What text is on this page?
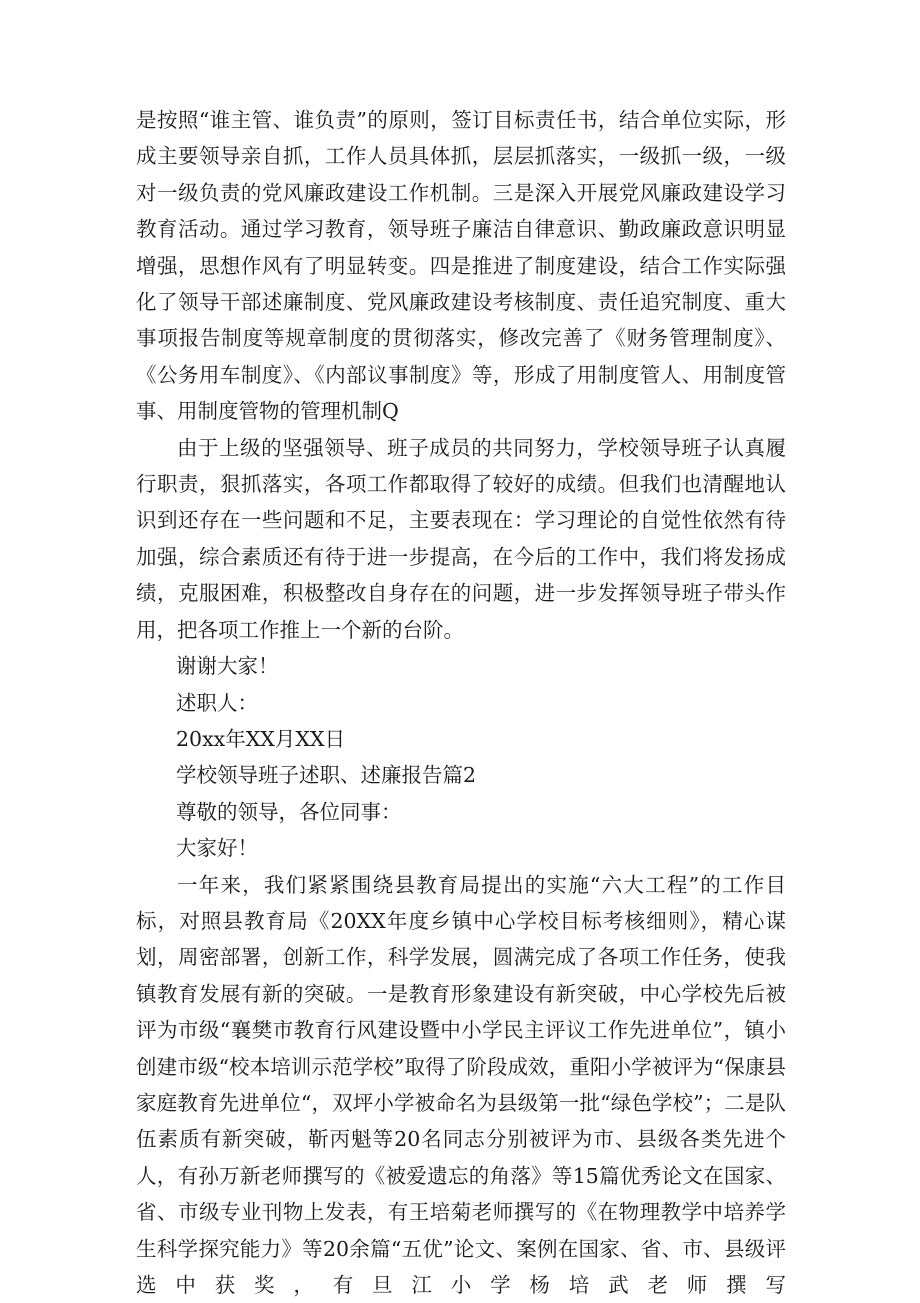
是按照“谁主管、谁负责”的原则，签订目标责任书，结合单位实际，形成主要领导亲自抓，工作人员具体抓，层层抓落实，一级抓一级，一级对一级负责的党风廉政建设工作机制。三是深入开展党风廉政建设学习教育活动。通过学习教育，领导班子廉洁自律意识、勤政廉政意识明显增强，思想作风有了明显转变。四是推进了制度建设，结合工作实际强化了领导干部述廉制度、党风廉政建设考核制度、责任追究制度、重大事项报告制度等规章制度的贯彻落实，修改完善了《财务管理制度》、《公务用车制度》、《内部议事制度》等，形成了用制度管人、用制度管事、用制度管物的管理机制Q

由于上级的坚强领导、班子成员的共同努力，学校领导班子认真履行职责，狠抓落实，各项工作都取得了较好的成绩。但我们也清醒地认识到还存在一些问题和不足，主要表现在：学习理论的自觉性依然有待加强，综合素质还有待于进一步提高，在今后的工作中，我们将发扬成绩，克服困难，积极整改自身存在的问题，进一步发挥领导班子带头作用，把各项工作推上一个新的台阶。

谢谢大家！

述职人：

20xx年XX月XX日

学校领导班子述职、述廉报告篇2

尊敬的领导，各位同事：

大家好！

一年来，我们紧紧围绕县教育局提出的实施“六大工程”的工作目标，对照县教育局《20XX年度乡镇中心学校目标考核细则》，精心谋划，周密部署，创新工作，科学发展，圆满完成了各项工作任务，使我镇教育发展有新的突破。一是教育形象建设有新突破，中心学校先后被评为市级“襄樊市教育行风建设暨中小学民主评议工作先进单位”，镇小创建市级“校本培训示范学校”取得了阶段成效，重阳小学被评为“保康县家庭教育先进单位“，双坪小学被命名为县级第一批“绿色学校”；二是队伍素质有新突破，靳丙魁等20名同志分别被评为市、县级各类先进个人，有孙万新老师撰写的《被爱遗忘的角落》等15篇优秀论文在国家、省、市级专业刊物上发表，有王培菊老师撰写的《在物理教学中培养学生科学探究能力》等20余篇“五优”论文、案例在国家、省、市、县级评选中获奖，有旦江小学杨培武老师撰写
